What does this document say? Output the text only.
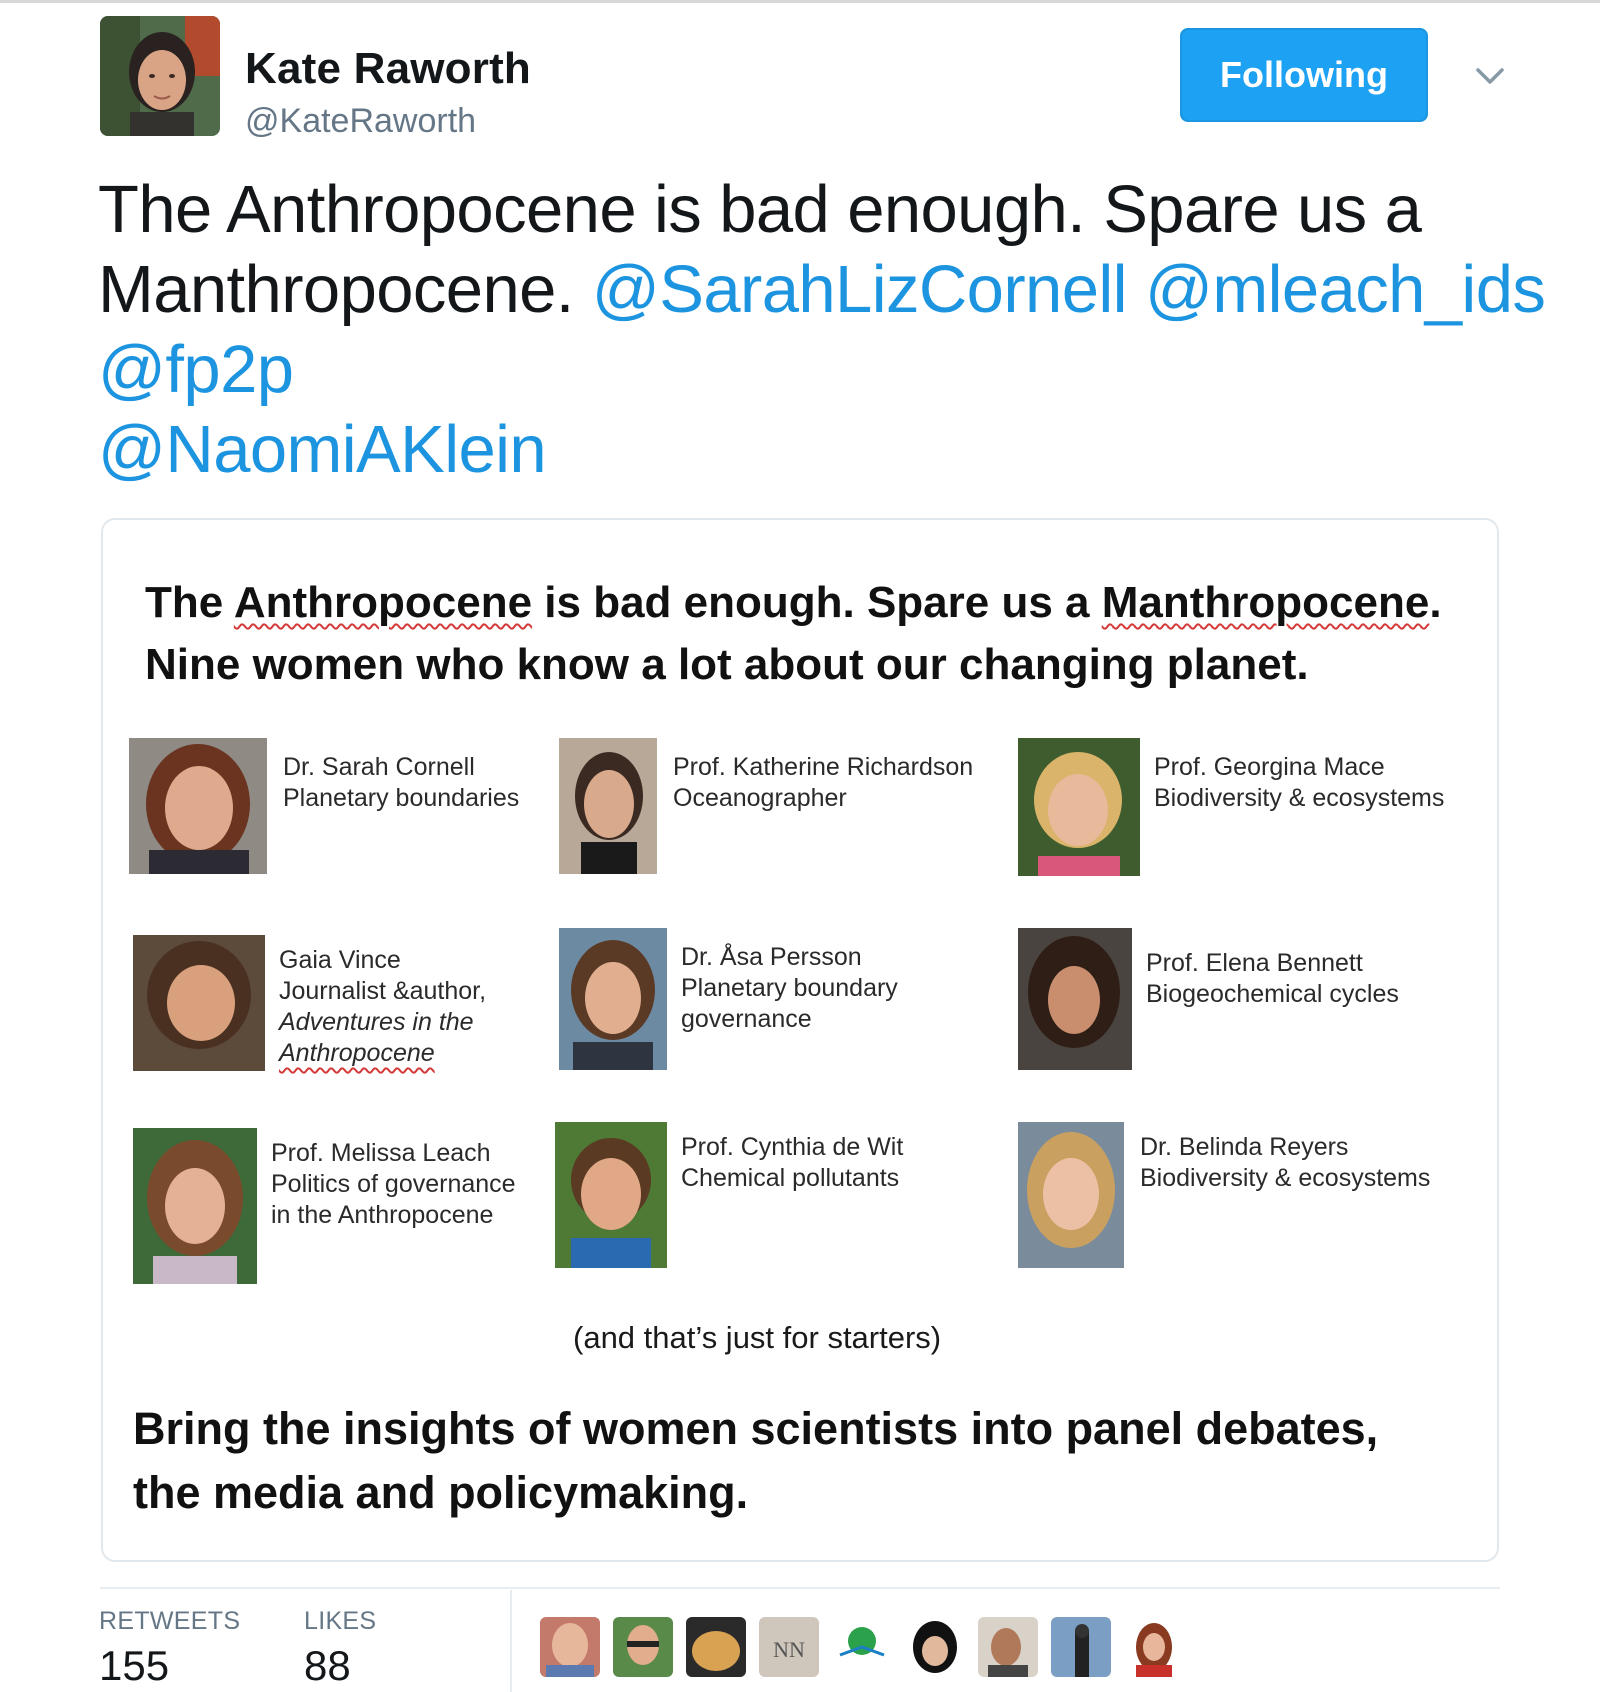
Kate Raworth
@KateRaworth
Following
The Anthropocene is bad enough. Spare us a
Manthropocene. @SarahLizCornell @mleach_ids
@fp2p
@NaomiAKlein
The Anthropocene is bad enough. Spare us a Manthropocene.
Nine women who know a lot about our changing planet.
Dr. Sarah Cornell
Planetary boundaries
Prof. Katherine Richardson
Oceanographer
Prof. Georgina Mace
Biodiversity & ecosystems
Gaia Vince
Journalist &author,
Adventures in the
Anthropocene
Dr. Åsa Persson
Planetary boundary
governance
Prof. Elena Bennett
Biogeochemical cycles
Prof. Melissa Leach
Politics of governance
in the Anthropocene
Prof. Cynthia de Wit
Chemical pollutants
Dr. Belinda Reyers
Biodiversity & ecosystems
(and that’s just for starters)
Bring the insights of women scientists into panel debates,
the media and policymaking.
RETWEETS
155
LIKES
88	NN
